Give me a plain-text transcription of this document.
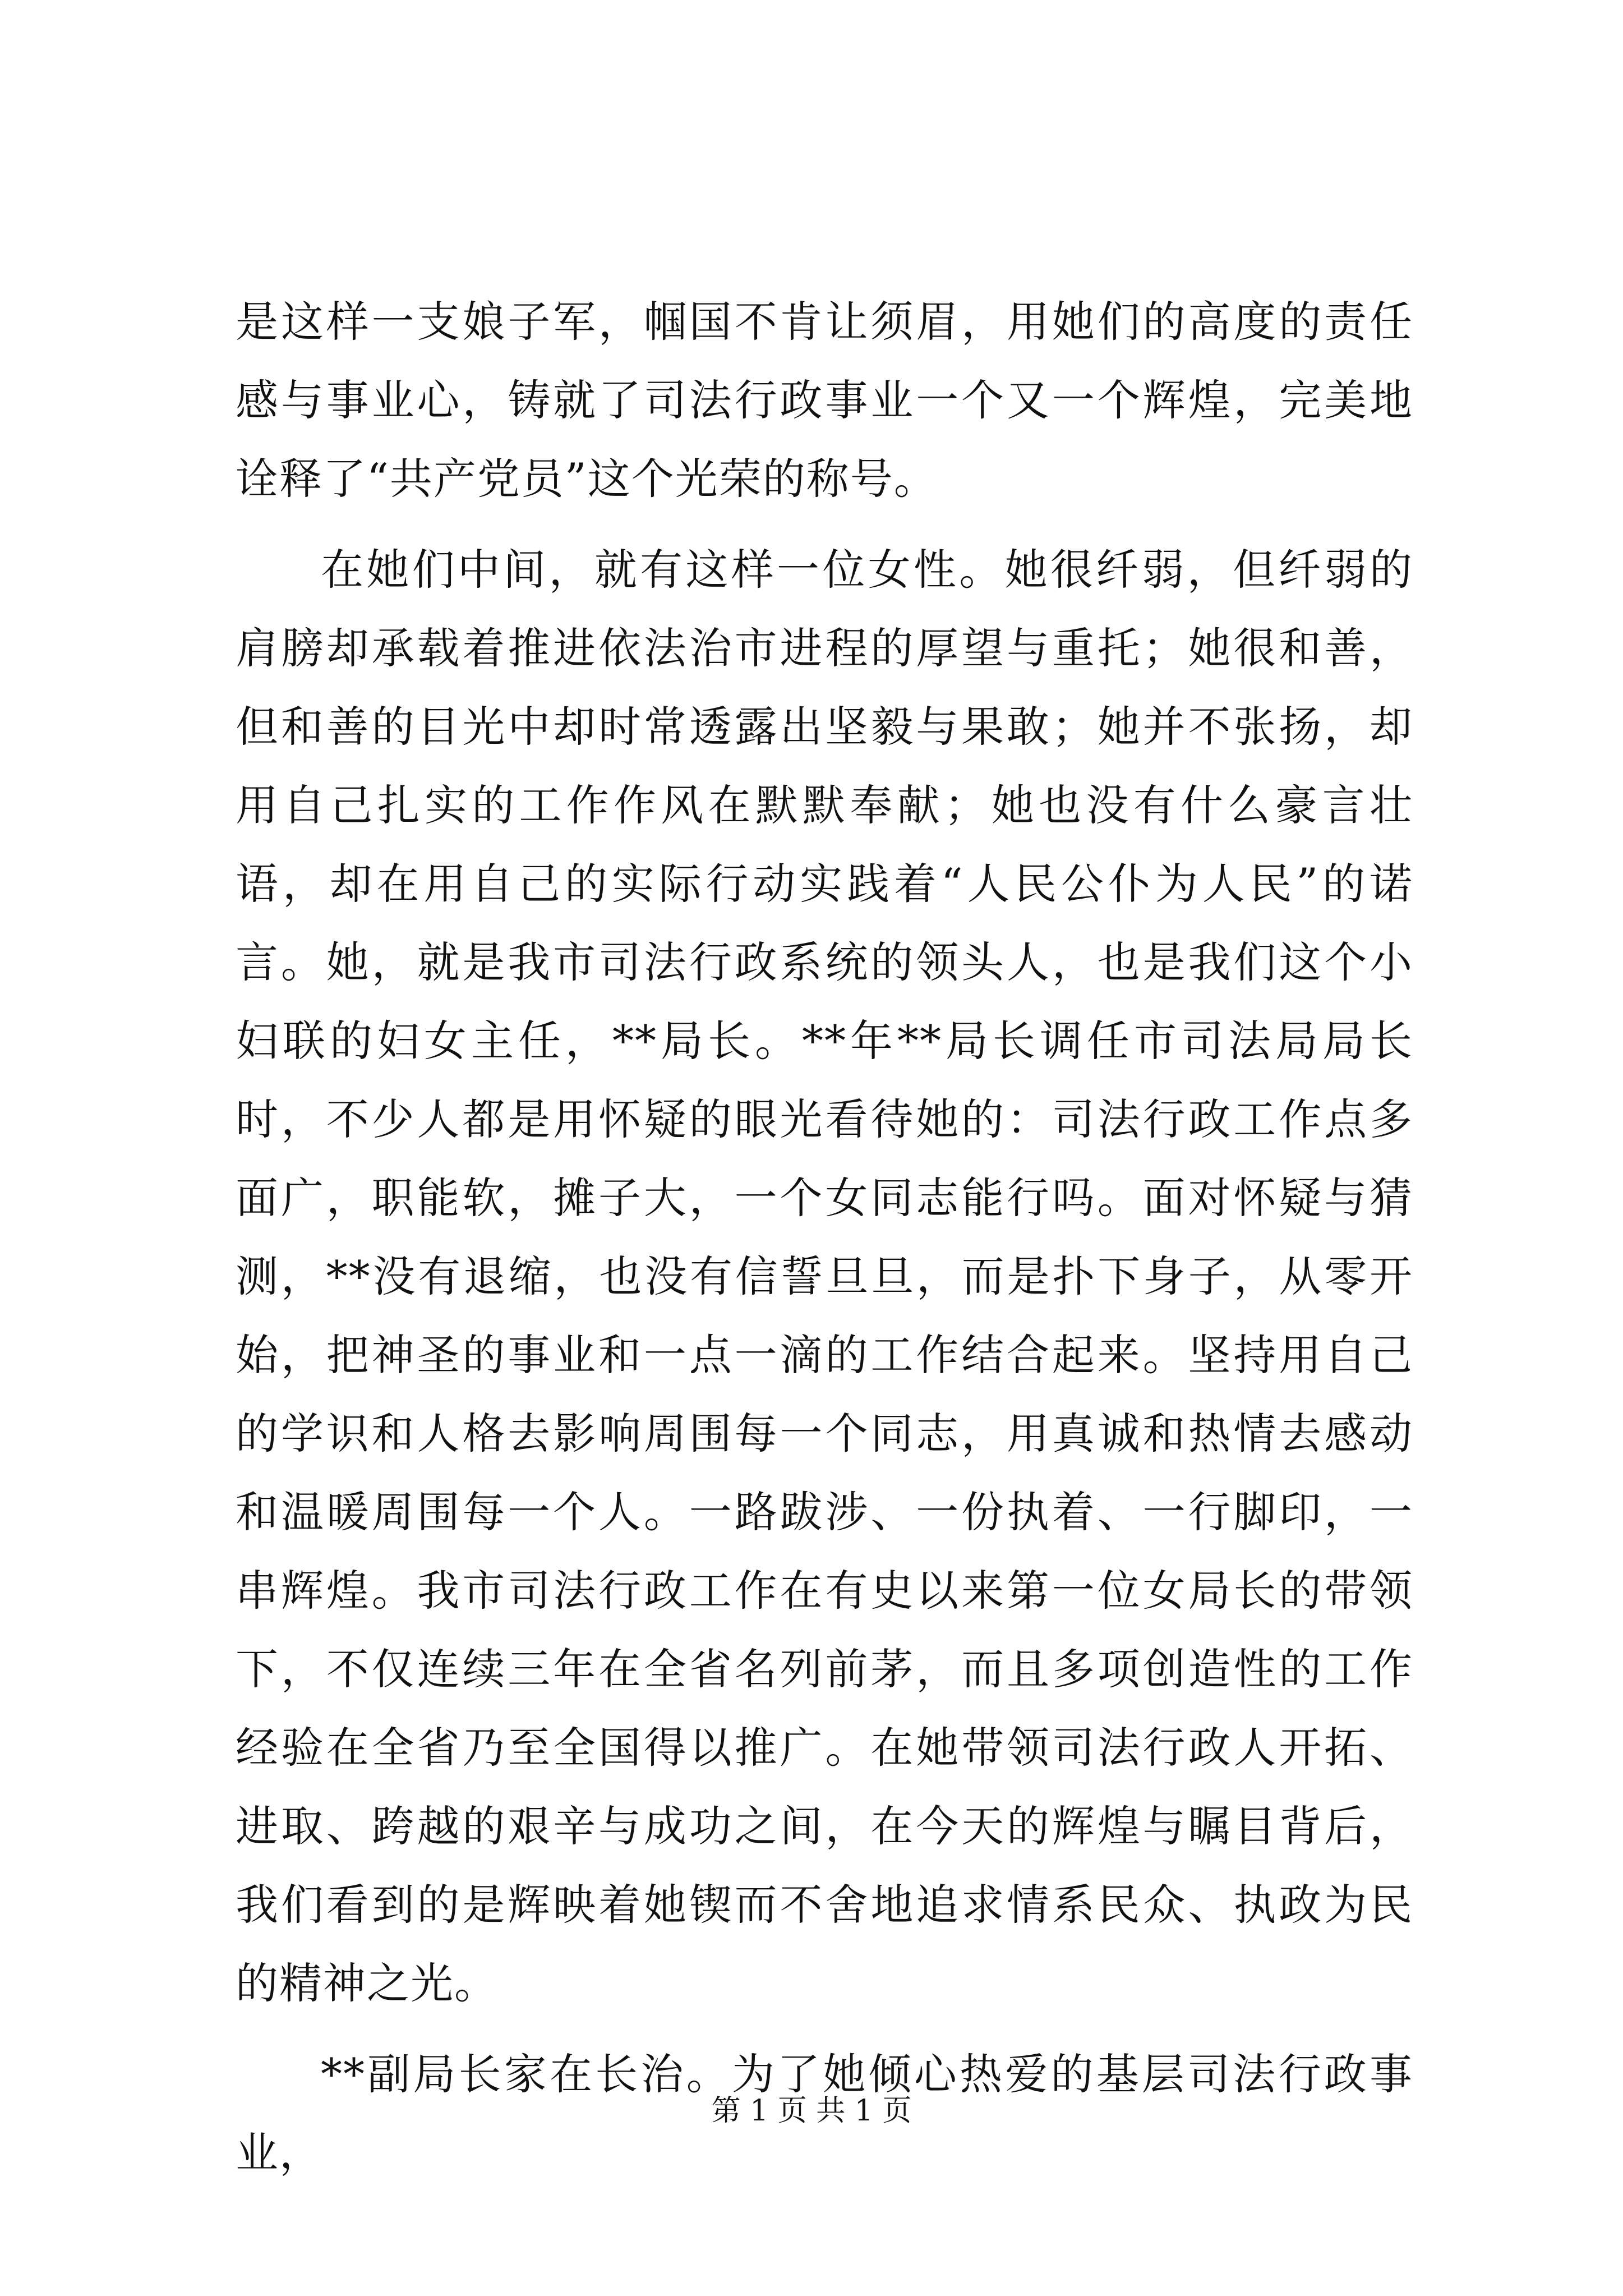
是这样一支娘子军，帼国不肯让须眉，用她们的高度的责任感与事业心，铸就了司法行政事业一个又一个辉煌，完美地诠释了“共产党员”这个光荣的称号。

在她们中间，就有这样一位女性。她很纤弱，但纤弱的肩膀却承载着推进依法治市进程的厚望与重托；她很和善，但和善的目光中却时常透露出坚毅与果敢；她并不张扬，却用自己扎实的工作作风在默默奉献；她也没有什么豪言壮语，却在用自己的实际行动实践着“人民公仆为人民”的诺言。她，就是我市司法行政系统的领头人，也是我们这个小妇联的妇女主任，**局长。**年**局长调任市司法局局长时，不少人都是用怀疑的眼光看待她的：司法行政工作点多面广，职能软，摊子大，一个女同志能行吗。面对怀疑与猜测，**没有退缩，也没有信誓旦旦，而是扑下身子，从零开始，把神圣的事业和一点一滴的工作结合起来。坚持用自己的学识和人格去影响周围每一个同志，用真诚和热情去感动和温暖周围每一个人。一路跋涉、一份执着、一行脚印，一串辉煌。我市司法行政工作在有史以来第一位女局长的带领下，不仅连续三年在全省名列前茅，而且多项创造性的工作经验在全省乃至全国得以推广。在她带领司法行政人开拓、进取、跨越的艰辛与成功之间，在今天的辉煌与瞩目背后，我们看到的是辉映着她锲而不舍地追求情系民众、执政为民的精神之光。

**副局长家在长治。为了她倾心热爱的基层司法行政事业，

第 1 页 共 1 页
